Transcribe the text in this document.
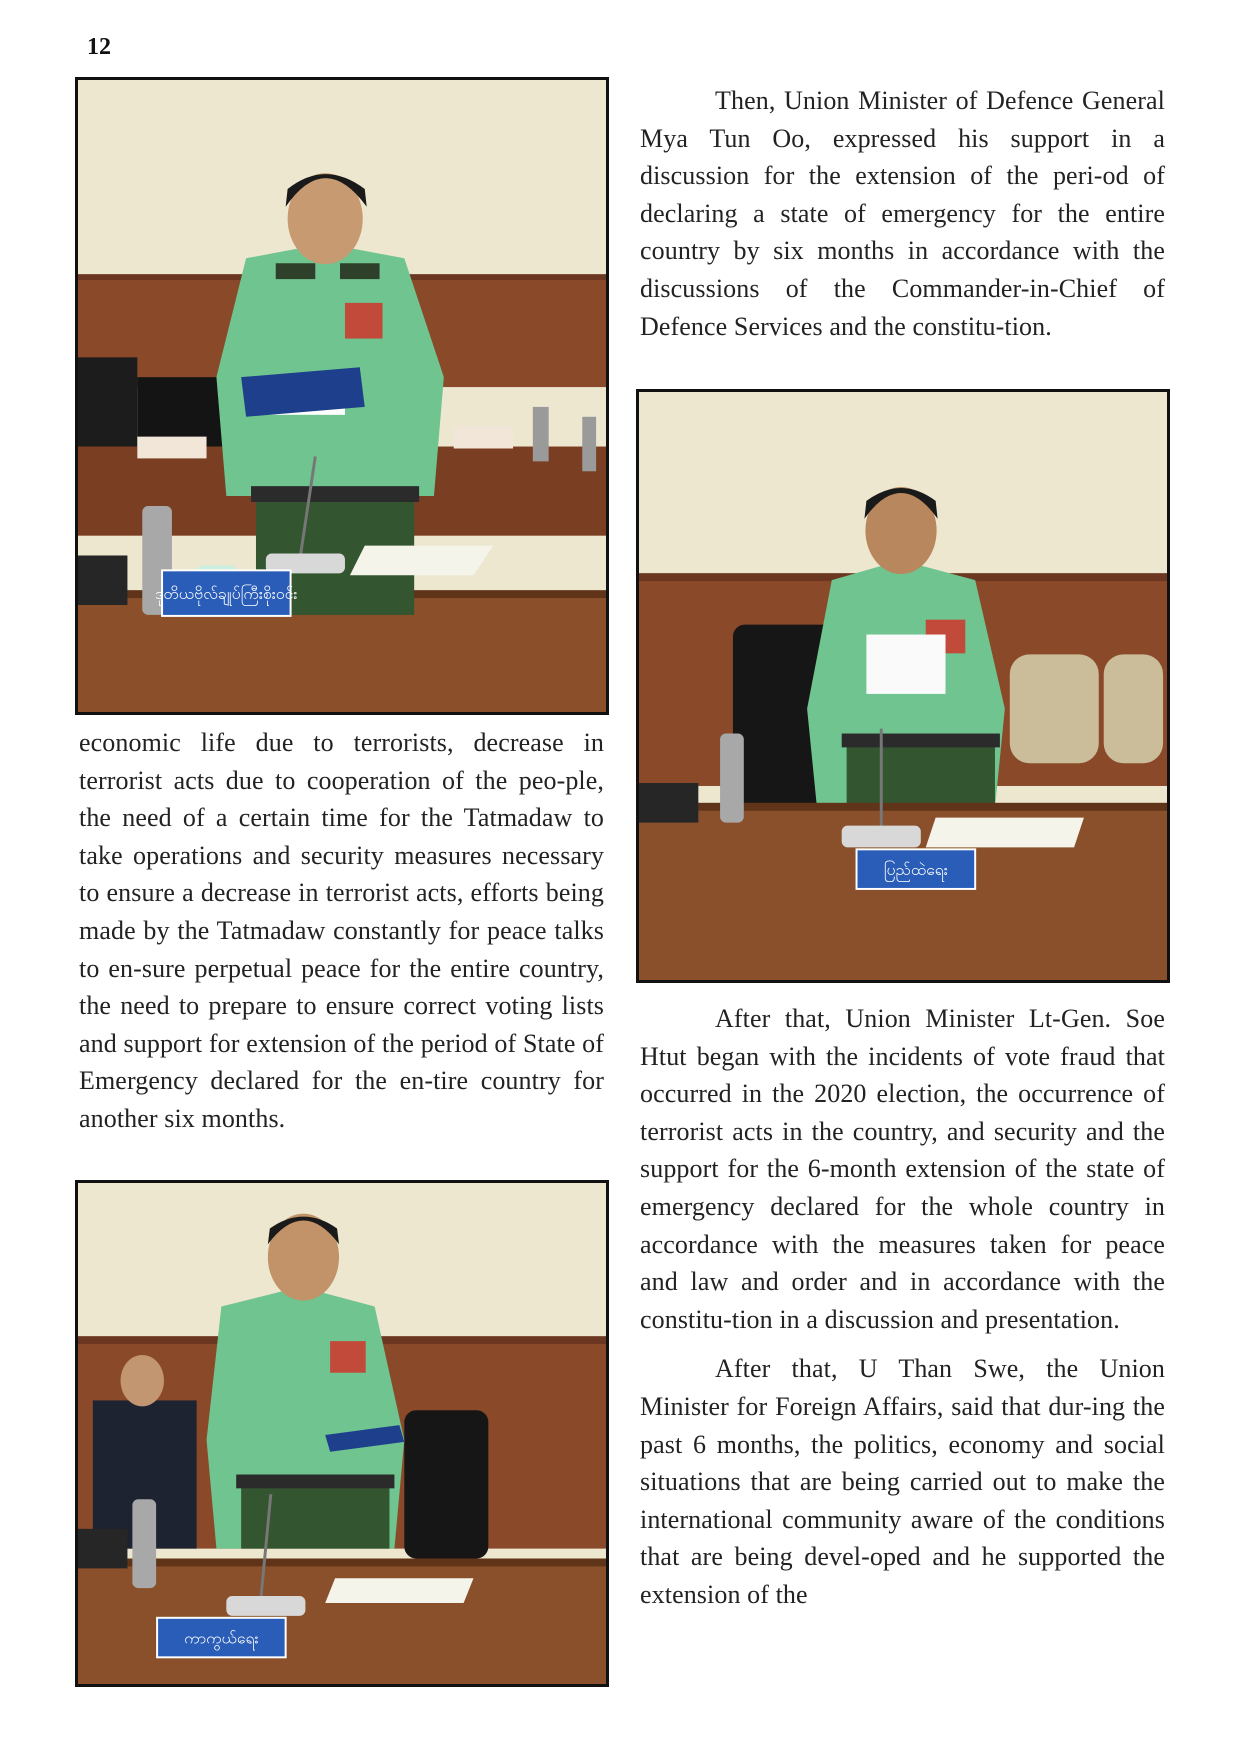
12
ဒုတိယဗိုလ်ချုပ်ကြီးစိုးဝင်း

Then, Union Minister of Defence General Mya Tun Oo, expressed his support in a discussion for the extension of the peri-od of declaring a state of emergency for the entire country by six months in accordance with the discussions of the Commander-in-Chief of Defence Services and the constitu-tion.

ပြည်ထဲရေး

economic life due to terrorists, decrease in terrorist acts due to cooperation of the peo-ple, the need of a certain time for the Tatmadaw to take operations and security measures necessary to ensure a decrease in terrorist acts, efforts being made by the Tatmadaw constantly for peace talks to en-sure perpetual peace for the entire country, the need to prepare to ensure correct voting lists and support for extension of the period of State of Emergency declared for the en-tire country for another six months.

ကာကွယ်ရေး

After that, Union Minister Lt-Gen. Soe Htut began with the incidents of vote fraud that occurred in the 2020 election, the occurrence of terrorist acts in the country, and security and the support for the 6-month extension of the state of emergency declared for the whole country in accordance with the measures taken for peace and law and order and in accordance with the constitu-tion in a discussion and presentation.

After that, U Than Swe, the Union Minister for Foreign Affairs, said that dur-ing the past 6 months, the politics, economy and social situations that are being carried out to make the international community aware of the conditions that are being devel-oped and he supported the extension of the
